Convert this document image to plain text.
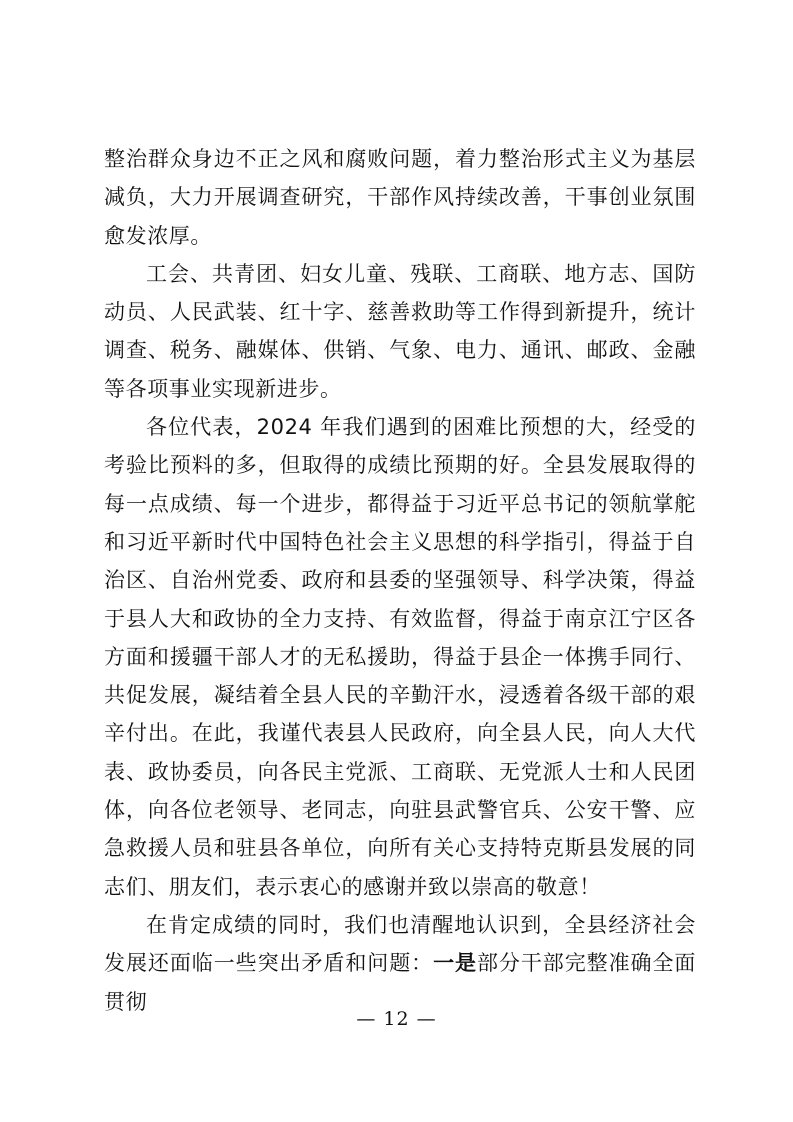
整治群众身边不正之风和腐败问题，着力整治形式主义为基层减负，大力开展调查研究，干部作风持续改善，干事创业氛围愈发浓厚。

工会、共青团、妇女儿童、残联、工商联、地方志、国防动员、人民武装、红十字、慈善救助等工作得到新提升，统计调查、税务、融媒体、供销、气象、电力、通讯、邮政、金融等各项事业实现新进步。

各位代表，2024 年我们遇到的困难比预想的大，经受的考验比预料的多，但取得的成绩比预期的好。全县发展取得的每一点成绩、每一个进步，都得益于习近平总书记的领航掌舵和习近平新时代中国特色社会主义思想的科学指引，得益于自治区、自治州党委、政府和县委的坚强领导、科学决策，得益于县人大和政协的全力支持、有效监督，得益于南京江宁区各方面和援疆干部人才的无私援助，得益于县企一体携手同行、共促发展，凝结着全县人民的辛勤汗水，浸透着各级干部的艰辛付出。在此，我谨代表县人民政府，向全县人民，向人大代表、政协委员，向各民主党派、工商联、无党派人士和人民团体，向各位老领导、老同志，向驻县武警官兵、公安干警、应急救援人员和驻县各单位，向所有关心支持特克斯县发展的同志们、朋友们，表示衷心的感谢并致以崇高的敬意！

在肯定成绩的同时，我们也清醒地认识到，全县经济社会发展还面临一些突出矛盾和问题：一是部分干部完整准确全面贯彻

— 12 —
